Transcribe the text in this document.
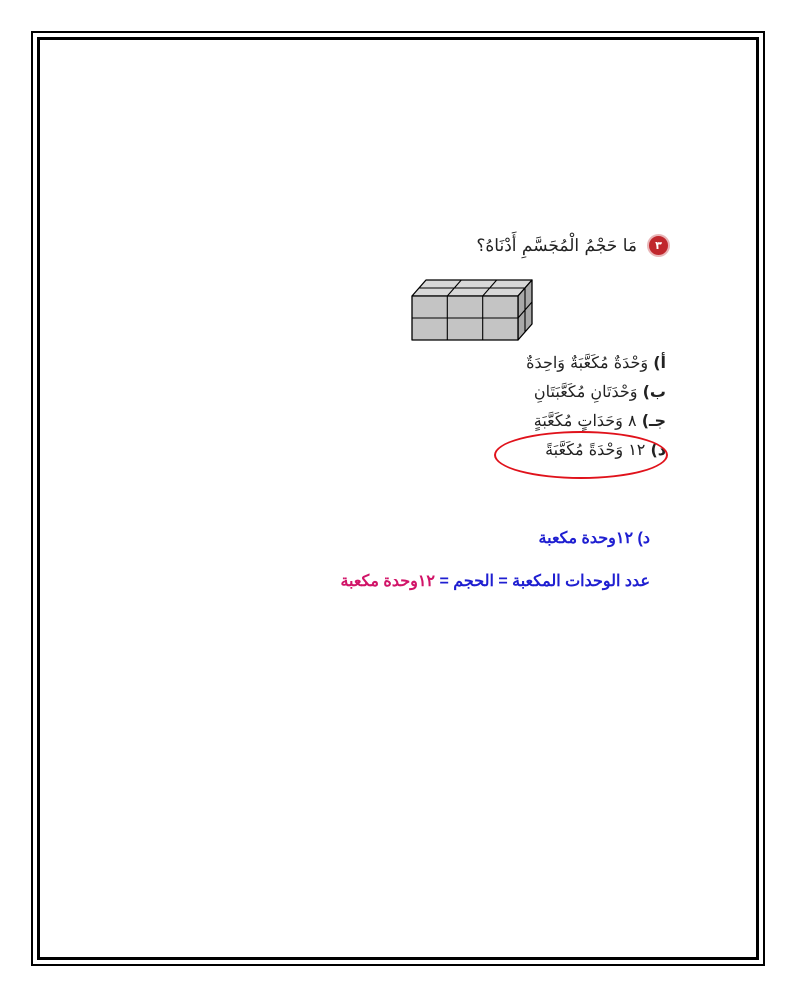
٣
مَا حَجْمُ الْمُجَسَّمِ أَدْنَاهُ؟
أ) وَحْدَةٌ مُكَعَّبَةٌ وَاحِدَةٌ
ب) وَحْدَتَانِ مُكَعَّبَتَانِ
جـ) ٨ وَحَدَاتٍ مُكَعَّبَةٍ
د) ١٢ وَحْدَةً مُكَعَّبَةً
د) ١٢وحدة مكعبة
عدد الوحدات المكعبة = الحجم = ١٢وحدة مكعبة
